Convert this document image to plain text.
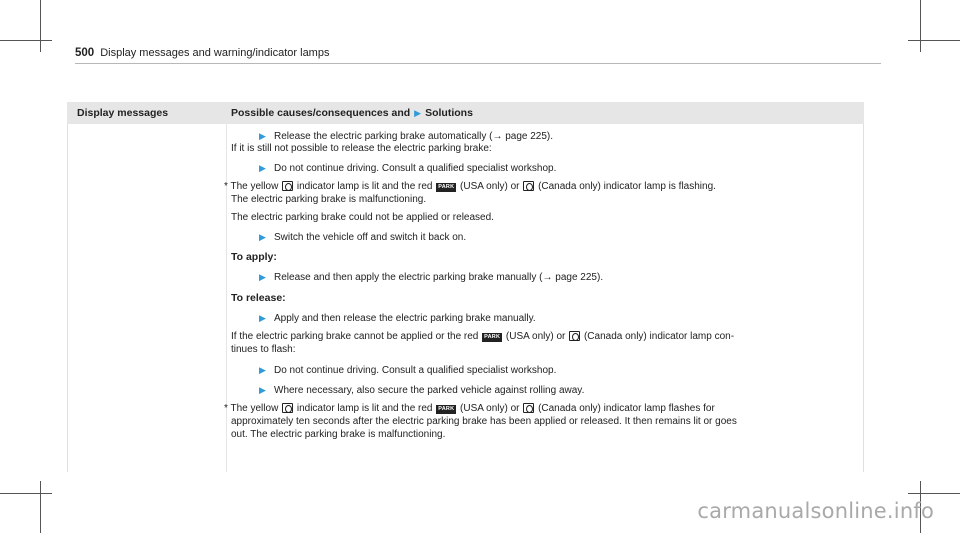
500 Display messages and warning/indicator lamps
Display messages	Possible causes/consequences and ▶ Solutions
▶ Release the electric parking brake automatically (→ page 225).
If it is still not possible to release the electric parking brake:
▶ Do not continue driving. Consult a qualified specialist workshop.
* The yellow indicator lamp is lit and the red PARK (USA only) or (Canada only) indicator lamp is flashing.
The electric parking brake is malfunctioning.
The electric parking brake could not be applied or released.
▶ Switch the vehicle off and switch it back on.
To apply:
▶ Release and then apply the electric parking brake manually (→ page 225).
To release:
▶ Apply and then release the electric parking brake manually.
If the electric parking brake cannot be applied or the red PARK (USA only) or (Canada only) indicator lamp con-
tinues to flash:
▶ Do not continue driving. Consult a qualified specialist workshop.
▶ Where necessary, also secure the parked vehicle against rolling away.
* The yellow indicator lamp is lit and the red PARK (USA only) or (Canada only) indicator lamp flashes for
approximately ten seconds after the electric parking brake has been applied or released. It then remains lit or goes
out. The electric parking brake is malfunctioning.
carmanualsonline.info
